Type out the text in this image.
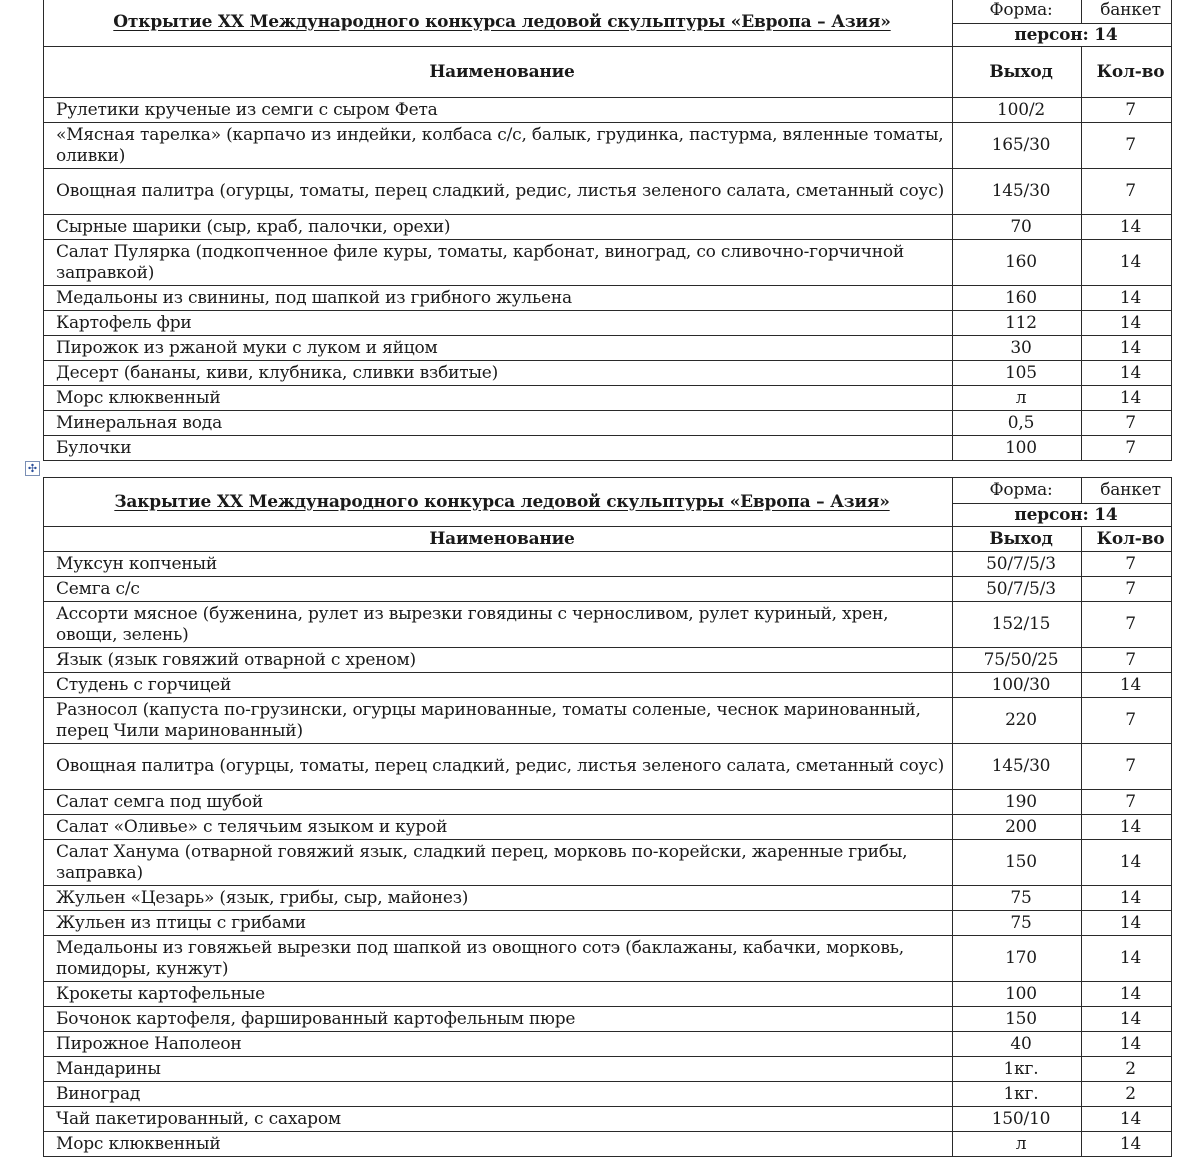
Открытие XX Международного конкурса ледовой скульптуры «Европа – Азия»	Форма:	банкет
	персон: 14	
Наименование	Выход	Кол-во
Рулетики крученые из семги с сыром Фета	100/2	7
«Мясная тарелка» (карпачо из индейки, колбаса с/с, балык, грудинка, пастурма, вяленные томаты, оливки)	165/30	7
Овощная палитра (огурцы, томаты, перец сладкий, редис, листья зеленого салата, сметанный соус)	145/30	7
Сырные шарики (сыр, краб, палочки, орехи)	70	14
Салат Пулярка (подкопченное филе куры, томаты, карбонат, виноград, со сливочно-горчичной заправкой)	160	14
Медальоны из свинины, под шапкой из грибного жульена	160	14
Картофель фри	112	14
Пирожок из ржаной муки с луком и яйцом	30	14
Десерт (бананы, киви, клубника, сливки взбитые)	105	14
Морс клюквенный	л	14
Минеральная вода	0,5	7
Булочки	100	7
✣
Закрытие XX Международного конкурса ледовой скульптуры «Европа – Азия»	Форма:	банкет
	персон: 14	
Наименование	Выход	Кол-во
Муксун копченый	50/7/5/3	7
Семга с/с	50/7/5/3	7
Ассорти мясное (буженина, рулет из вырезки говядины с черносливом, рулет куриный, хрен, овощи, зелень)	152/15	7
Язык (язык говяжий отварной с хреном)	75/50/25	7
Студень с горчицей	100/30	14
Разносол (капуста по-грузински, огурцы маринованные, томаты соленые, чеснок маринованный, перец Чили маринованный)	220	7
Овощная палитра (огурцы, томаты, перец сладкий, редис, листья зеленого салата, сметанный соус)	145/30	7
Салат семга под шубой	190	7
Салат «Оливье» с телячьим языком и курой	200	14
Салат Ханума (отварной говяжий язык, сладкий перец, морковь по-корейски, жаренные грибы, заправка)	150	14
Жульен «Цезарь» (язык, грибы, сыр, майонез)	75	14
Жульен из птицы с грибами	75	14
Медальоны из говяжьей вырезки под шапкой из овощного сотэ (баклажаны, кабачки, морковь, помидоры, кунжут)	170	14
Крокеты картофельные	100	14
Бочонок картофеля, фаршированный картофельным пюре	150	14
Пирожное Наполеон	40	14
Мандарины	1кг.	2
Виноград	1кг.	2
Чай пакетированный, с сахаром	150/10	14
Морс клюквенный	л	14
